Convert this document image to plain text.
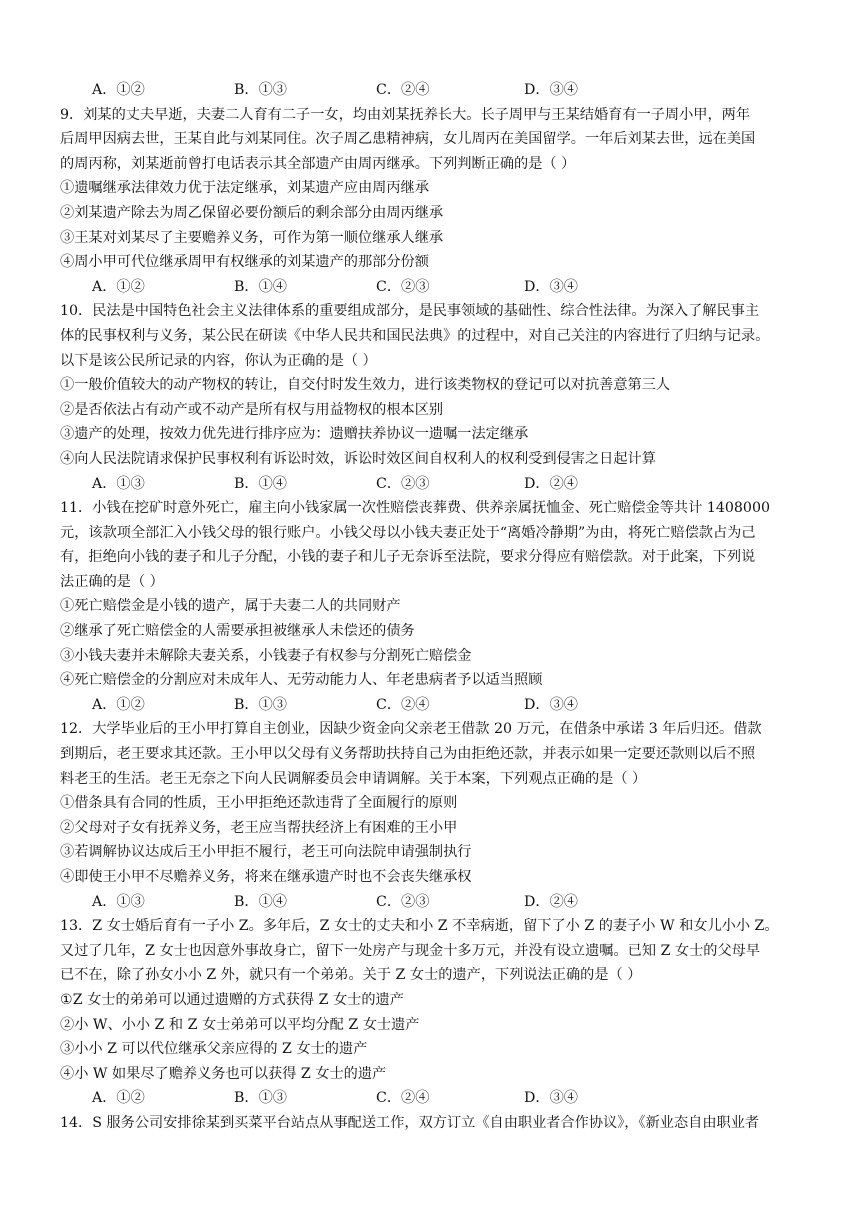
A．①②	B．①③	C．②④	D．③④
9．刘某的丈夫早逝，夫妻二人育有二子一女，均由刘某抚养长大。长子周甲与王某结婚育有一子周小甲，两年
后周甲因病去世，王某自此与刘某同住。次子周乙患精神病，女儿周丙在美国留学。一年后刘某去世，远在美国
的周丙称，刘某逝前曾打电话表示其全部遗产由周丙继承。下列判断正确的是（ ）
①遗嘱继承法律效力优于法定继承，刘某遗产应由周丙继承
②刘某遗产除去为周乙保留必要份额后的剩余部分由周丙继承
③王某对刘某尽了主要赡养义务，可作为第一顺位继承人继承
④周小甲可代位继承周甲有权继承的刘某遗产的那部分份额
A．①②	B．①④	C．②③	D．③④
10．民法是中国特色社会主义法律体系的重要组成部分，是民事领域的基础性、综合性法律。为深入了解民事主
体的民事权利与义务，某公民在研读《中华人民共和国民法典》的过程中，对自己关注的内容进行了归纳与记录。
以下是该公民所记录的内容，你认为正确的是（ ）
①一般价值较大的动产物权的转让，自交付时发生效力，进行该类物权的登记可以对抗善意第三人
②是否依法占有动产或不动产是所有权与用益物权的根本区别
③遗产的处理，按效力优先进行排序应为：遗赠扶养协议一遗嘱一法定继承
④向人民法院请求保护民事权利有诉讼时效，诉讼时效区间自权利人的权利受到侵害之日起计算
A．①③	B．①④	C．②③	D．②④
11．小钱在挖矿时意外死亡，雇主向小钱家属一次性赔偿丧葬费、供养亲属抚恤金、死亡赔偿金等共计 1408000
元，该款项全部汇入小钱父母的银行账户。小钱父母以小钱夫妻正处于“离婚冷静期”为由，将死亡赔偿款占为己
有，拒绝向小钱的妻子和儿子分配，小钱的妻子和儿子无奈诉至法院，要求分得应有赔偿款。对于此案，下列说
法正确的是（ ）
①死亡赔偿金是小钱的遗产，属于夫妻二人的共同财产
②继承了死亡赔偿金的人需要承担被继承人未偿还的债务
③小钱夫妻并未解除夫妻关系，小钱妻子有权参与分割死亡赔偿金
④死亡赔偿金的分割应对未成年人、无劳动能力人、年老患病者予以适当照顾
A．①②	B．①③	C．②④	D．③④
12．大学毕业后的王小甲打算自主创业，因缺少资金向父亲老王借款 20 万元，在借条中承诺 3 年后归还。借款
到期后，老王要求其还款。王小甲以父母有义务帮助扶持自己为由拒绝还款，并表示如果一定要还款则以后不照
料老王的生活。老王无奈之下向人民调解委员会申请调解。关于本案，下列观点正确的是（ ）
①借条具有合同的性质，王小甲拒绝还款违背了全面履行的原则
②父母对子女有抚养义务，老王应当帮扶经济上有困难的王小甲
③若调解协议达成后王小甲拒不履行，老王可向法院申请强制执行
④即使王小甲不尽赡养义务，将来在继承遗产时也不会丧失继承权
A．①③	B．①④	C．②③	D．②④
13．Z 女士婚后育有一子小 Z。多年后，Z 女士的丈夫和小 Z 不幸病逝，留下了小 Z 的妻子小 W 和女儿小小 Z。
又过了几年，Z 女士也因意外事故身亡，留下一处房产与现金十多万元，并没有设立遗嘱。已知 Z 女士的父母早
已不在，除了孙女小小 Z 外，就只有一个弟弟。关于 Z 女士的遗产，下列说法正确的是（ ）
①Z 女士的弟弟可以通过遗赠的方式获得 Z 女士的遗产
②小 W、小小 Z 和 Z 女士弟弟可以平均分配 Z 女士遗产
③小小 Z 可以代位继承父亲应得的 Z 女士的遗产
④小 W 如果尽了赡养义务也可以获得 Z 女士的遗产
A．①②	B．①③	C．②④	D．③④
14．S 服务公司安排徐某到买菜平台站点从事配送工作，双方订立《自由职业者合作协议》，《新业态自由职业者
